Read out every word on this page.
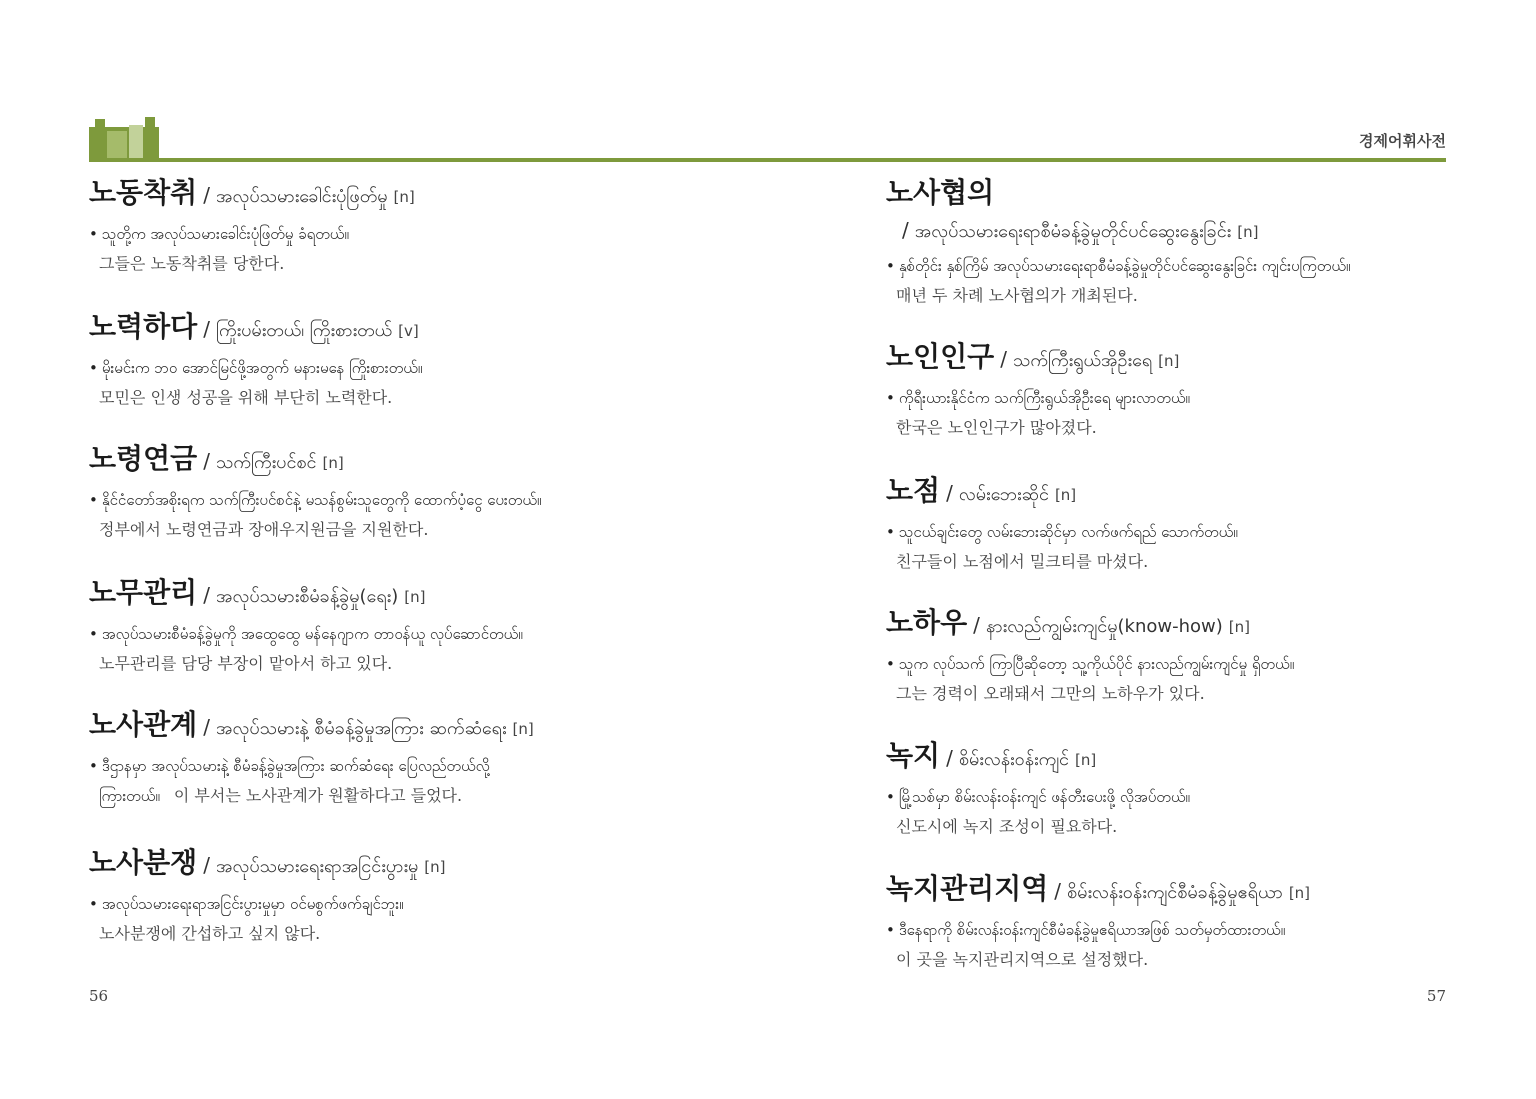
경제어휘사전
노동착취 / အလုပ်သမားခေါင်းပုံဖြတ်မှု [n]
• သူတို့က အလုပ်သမားခေါင်းပုံဖြတ်မှု ခံရတယ်။
그들은 노동착취를 당한다.
노력하다 / ကြိုးပမ်းတယ်၊ ကြိုးစားတယ် [v]
• မိုးမင်းက ဘဝ အောင်မြင်ဖို့အတွက် မနားမနေ ကြိုးစားတယ်။
모민은 인생 성공을 위해 부단히 노력한다.
노령연금 / သက်ကြီးပင်စင် [n]
• နိုင်ငံတော်အစိုးရက သက်ကြီးပင်စင်နဲ့ မသန်စွမ်းသူတွေကို ထောက်ပံ့ငွေ ပေးတယ်။
정부에서 노령연금과 장애우지원금을 지원한다.
노무관리 / အလုပ်သမားစီမံခန့်ခွဲမှု(ရေး) [n]
• အလုပ်သမားစီမံခန့်ခွဲမှုကို အထွေထွေ မန်နေဂျာက တာဝန်ယူ လုပ်ဆောင်တယ်။
노무관리를 담당 부장이 맡아서 하고 있다.
노사관계 / အလုပ်သမားနဲ့ စီမံခန့်ခွဲမှုအကြား ဆက်ဆံရေး [n]
• ဒီဌာနမှာ အလုပ်သမားနဲ့ စီမံခန့်ခွဲမှုအကြား ဆက်ဆံရေး ပြေလည်တယ်လို့
ကြားတယ်။ 이 부서는 노사관계가 원활하다고 들었다.
노사분쟁 / အလုပ်သမားရေးရာအငြင်းပွားမှု [n]
• အလုပ်သမားရေးရာအငြင်းပွားမှုမှာ ဝင်မစွက်ဖက်ချင်ဘူး။
노사분쟁에 간섭하고 싶지 않다.
노사협의
/ အလုပ်သမားရေးရာစီမံခန့်ခွဲမှုတိုင်ပင်ဆွေးနွေးခြင်း [n]
• နှစ်တိုင်း နှစ်ကြိမ် အလုပ်သမားရေးရာစီမံခန့်ခွဲမှုတိုင်ပင်ဆွေးနွေးခြင်း ကျင်းပကြတယ်။
매년 두 차례 노사협의가 개최된다.
노인인구 / သက်ကြီးရွယ်အိုဦးရေ [n]
• ကိုရီးယားနိုင်ငံက သက်ကြီးရွယ်အိုဦးရေ များလာတယ်။
한국은 노인인구가 많아졌다.
노점 / လမ်းဘေးဆိုင် [n]
• သူငယ်ချင်းတွေ လမ်းဘေးဆိုင်မှာ လက်ဖက်ရည် သောက်တယ်။
친구들이 노점에서 밀크티를 마셨다.
노하우 / နားလည်ကျွမ်းကျင်မှု(know-how) [n]
• သူက လုပ်သက် ကြာပြီဆိုတော့ သူ့ကိုယ်ပိုင် နားလည်ကျွမ်းကျင်မှု ရှိတယ်။
그는 경력이 오래돼서 그만의 노하우가 있다.
녹지 / စိမ်းလန်းဝန်းကျင် [n]
• မြို့သစ်မှာ စိမ်းလန်းဝန်းကျင် ဖန်တီးပေးဖို့ လိုအပ်တယ်။
신도시에 녹지 조성이 필요하다.
녹지관리지역 / စိမ်းလန်းဝန်းကျင်စီမံခန့်ခွဲမှုဧရိယာ [n]
• ဒီနေရာကို စိမ်းလန်းဝန်းကျင်စီမံခန့်ခွဲမှုဧရိယာအဖြစ် သတ်မှတ်ထားတယ်။
이 곳을 녹지관리지역으로 설정했다.
56	57
